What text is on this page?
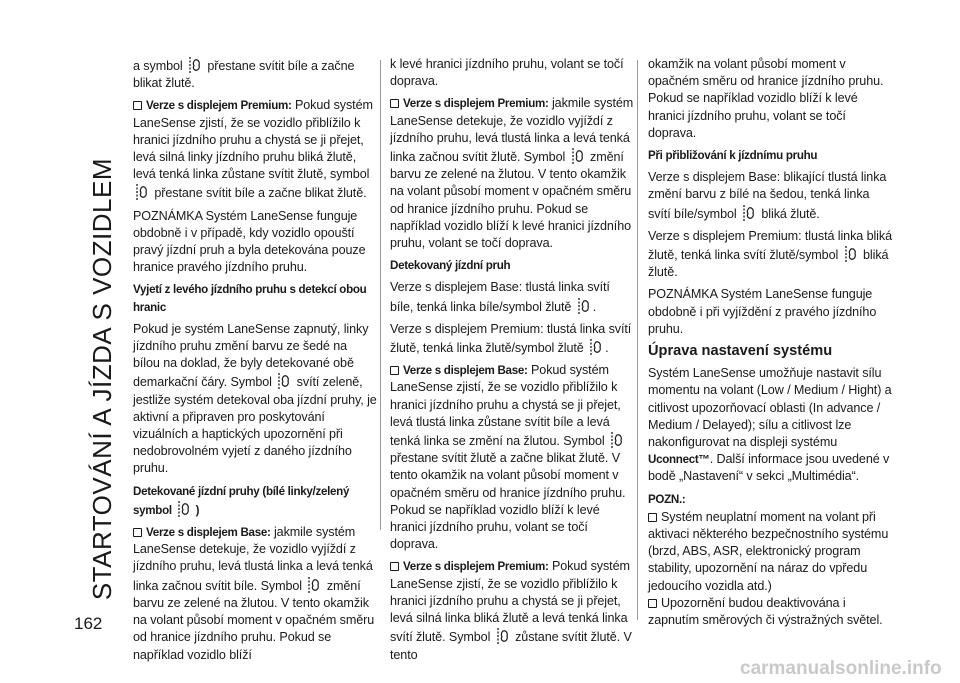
STARTOVÁNÍ A JÍZDA S VOZIDLEM
162

a symbol přestane svítit bíle a začne blikat žlutě.

Verze s displejem Premium: Pokud systém LaneSense zjistí, že se vozidlo přiblížilo k hranici jízdního pruhu a chystá se ji přejet, levá silná linky jízdního pruhu bliká žlutě, levá tenká linka zůstane svítit žlutě, symbol
přestane svítit bíle a začne blikat žlutě.

POZNÁMKA Systém LaneSense funguje obdobně i v případě, kdy vozidlo opouští pravý jízdní pruh a byla detekována pouze hranice pravého jízdního pruhu.

Vyjetí z levého jízdního pruhu s detekcí obou hranic

Pokud je systém LaneSense zapnutý, linky jízdního pruhu změní barvu ze šedé na bílou na doklad, že byly detekované obě demarkační čáry. Symbol svítí zeleně, jestliže systém detekoval oba jízdní pruhy, je aktivní a připraven pro poskytování vizuálních a haptických upozornění při nedobrovolném vyjetí z daného jízdního pruhu.

Detekované jízdní pruhy (bílé linky/zelený symbol )

Verze s displejem Base: jakmile systém LaneSense detekuje, že vozidlo vyjíždí z jízdního pruhu, levá tlustá linka a levá tenká linka začnou svítit bíle. Symbol změní barvu ze zelené na žlutou. V tento okamžik na volant působí moment v opačném směru od hranice jízdního pruhu. Pokud se například vozidlo blíží

k levé hranici jízdního pruhu, volant se točí doprava.

Verze s displejem Premium: jakmile systém LaneSense detekuje, že vozidlo vyjíždí z jízdního pruhu, levá tlustá linka a levá tenká linka začnou svítit žlutě. Symbol změní barvu ze zelené na žlutou. V tento okamžik na volant působí moment v opačném směru od hranice jízdního pruhu. Pokud se například vozidlo blíží k levé hranici jízdního pruhu, volant se točí doprava.

Detekovaný jízdní pruh

Verze s displejem Base: tlustá linka svítí bíle, tenká linka bíle/symbol žlutě .

Verze s displejem Premium: tlustá linka svítí žlutě, tenká linka žlutě/symbol žlutě .

Verze s displejem Base: Pokud systém LaneSense zjistí, že se vozidlo přiblížilo k hranici jízdního pruhu a chystá se ji přejet, levá tlustá linka zůstane svítit bíle a levá tenká linka se změní na žlutou. Symbol
přestane svítit žlutě a začne blikat žlutě. V tento okamžik na volant působí moment v opačném směru od hranice jízdního pruhu. Pokud se například vozidlo blíží k levé hranici jízdního pruhu, volant se točí doprava.

Verze s displejem Premium: Pokud systém LaneSense zjistí, že se vozidlo přiblížilo k hranici jízdního pruhu a chystá se ji přejet, levá silná linka bliká žlutě a levá tenká linka svítí žlutě. Symbol zůstane svítit žlutě. V tento

okamžik na volant působí moment v opačném směru od hranice jízdního pruhu. Pokud se například vozidlo blíží k levé hranici jízdního pruhu, volant se točí doprava.

Při přibližování k jízdnímu pruhu

Verze s displejem Base: blikající tlustá linka změní barvu z bílé na šedou, tenká linka svítí bíle/symbol bliká žlutě.

Verze s displejem Premium: tlustá linka bliká žlutě, tenká linka svítí žlutě/symbol bliká žlutě.

POZNÁMKA Systém LaneSense funguje obdobně i při vyjíždění z pravého jízdního pruhu.

Úprava nastavení systému

Systém LaneSense umožňuje nastavit sílu momentu na volant (Low / Medium / Hight) a citlivost upozorňovací oblasti (In advance / Medium / Delayed); sílu a citlivost lze nakonfigurovat na displeji systému Uconnect™. Další informace jsou uvedené v bodě „Nastavení“ v sekci „Multimédia“.

POZN.:

Systém neuplatní moment na volant při aktivaci některého bezpečnostního systému (brzd, ABS, ASR, elektronický program stability, upozornění na náraz do vpředu jedoucího vozidla atd.)

Upozornění budou deaktivována i zapnutím směrových či výstražných světel.

carmanualsonline.info
